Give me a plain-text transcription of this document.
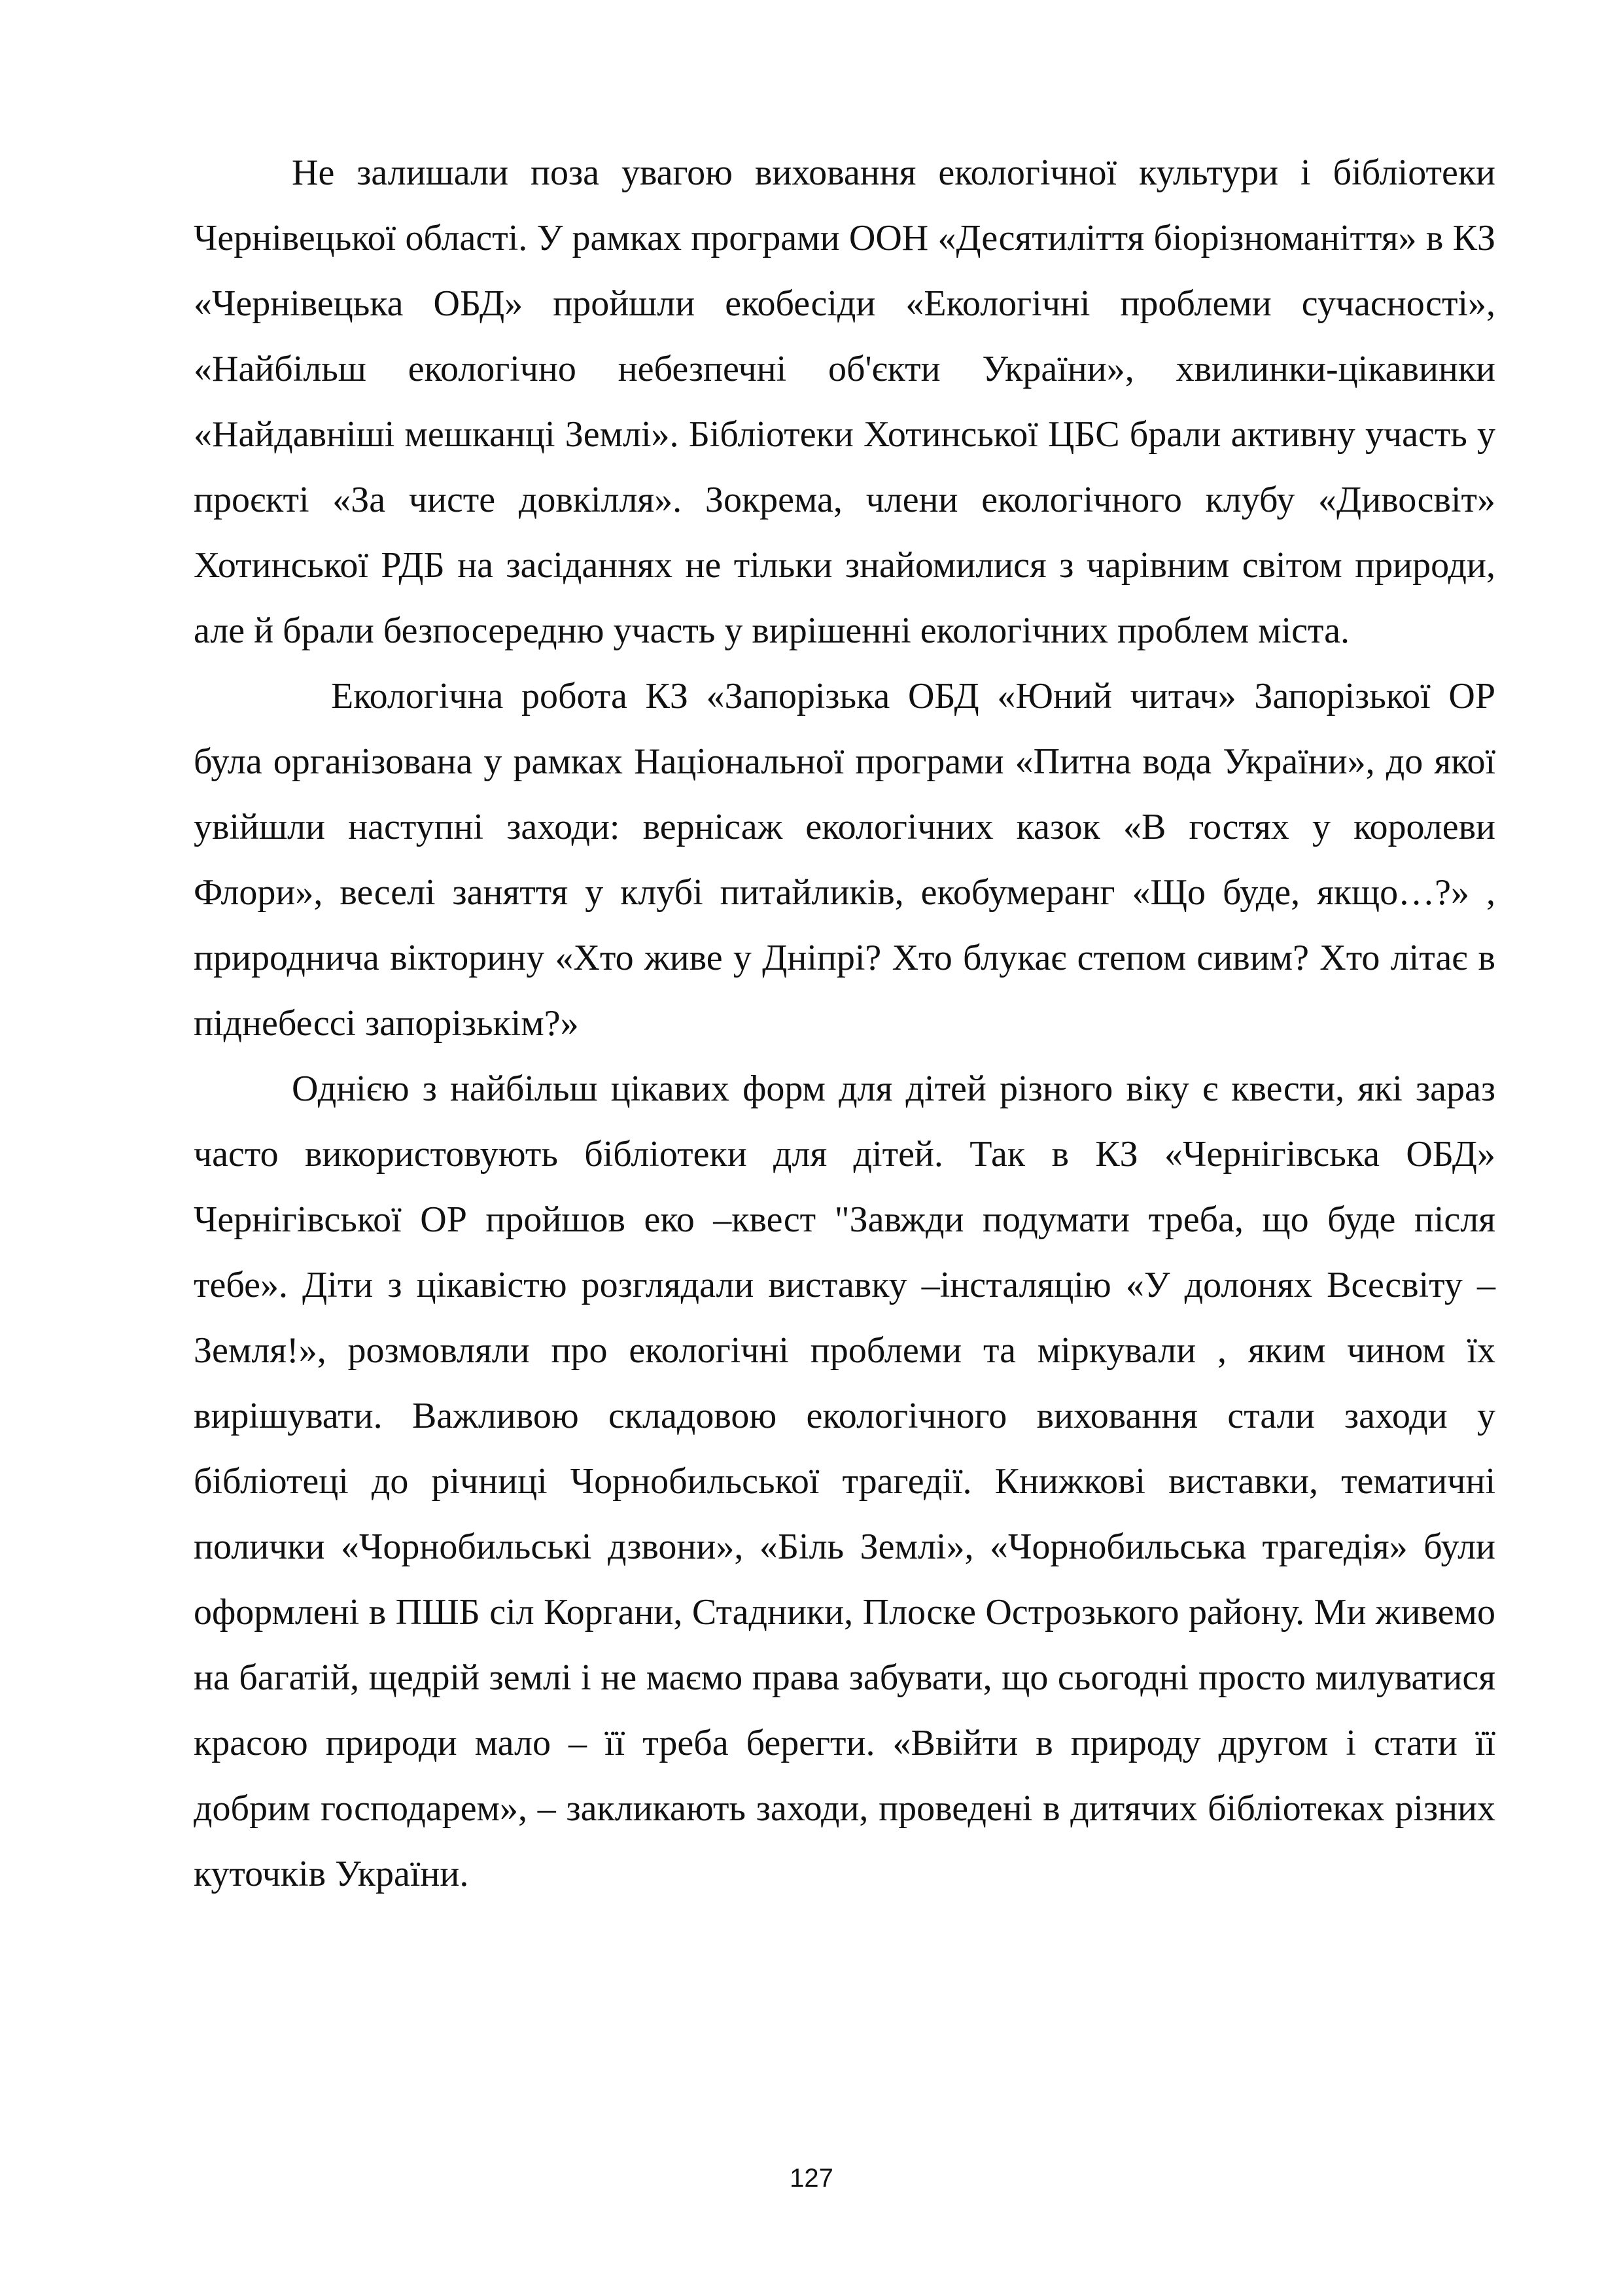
Не залишали поза увагою виховання екологічної культури і бібліотеки Чернівецької області. У рамках програми ООН «Десятиліття біорізноманіття» в КЗ «Чернівецька ОБД» пройшли екобесіди «Екологічні проблеми сучасності», «Найбільш екологічно небезпечні об'єкти України», хвилинки-цікавинки «Найдавніші мешканці Землі». Бібліотеки Хотинської ЦБС брали активну участь у проєкті «За чисте довкілля». Зокрема, члени екологічного клубу «Дивосвіт» Хотинської РДБ на засіданнях не тільки знайомилися з чарівним світом природи, але й брали безпосередню участь у вирішенні екологічних проблем міста.

Екологічна робота КЗ «Запорізька ОБД «Юний читач» Запорізької ОР була організована у рамках Національної програми «Питна вода України», до якої увійшли наступні заходи: вернісаж екологічних казок «В гостях у королеви Флори», веселі заняття у клубі питайликів, екобумеранг «Що буде, якщо…?» , природнича вікторину «Хто живе у Дніпрі? Хто блукає степом сивим? Хто літає в піднебессі запорізькім?»

Однією з найбільш цікавих форм для дітей різного віку є квести, які зараз часто використовують бібліотеки для дітей. Так в КЗ «Чернігівська ОБД» Чернігівської ОР пройшов еко –квест "Завжди подумати треба, що буде після тебе». Діти з цікавістю розглядали виставку –інсталяцію «У долонях Всесвіту – Земля!», розмовляли про екологічні проблеми та міркували , яким чином їх вирішувати. Важливою складовою екологічного виховання стали заходи у бібліотеці до річниці Чорнобильської трагедії. Книжкові виставки, тематичні полички «Чорнобильські дзвони», «Біль Землі», «Чорнобильська трагедія» були оформлені в ПШБ сіл Коргани, Стадники, Плоске Острозького району. Ми живемо на багатій, щедрій землі і не маємо права забувати, що сьогодні просто милуватися красою природи мало – її треба берегти. «Ввійти в природу другом і стати її добрим господарем», – закликають заходи, проведені в дитячих бібліотеках різних куточків України.

127
